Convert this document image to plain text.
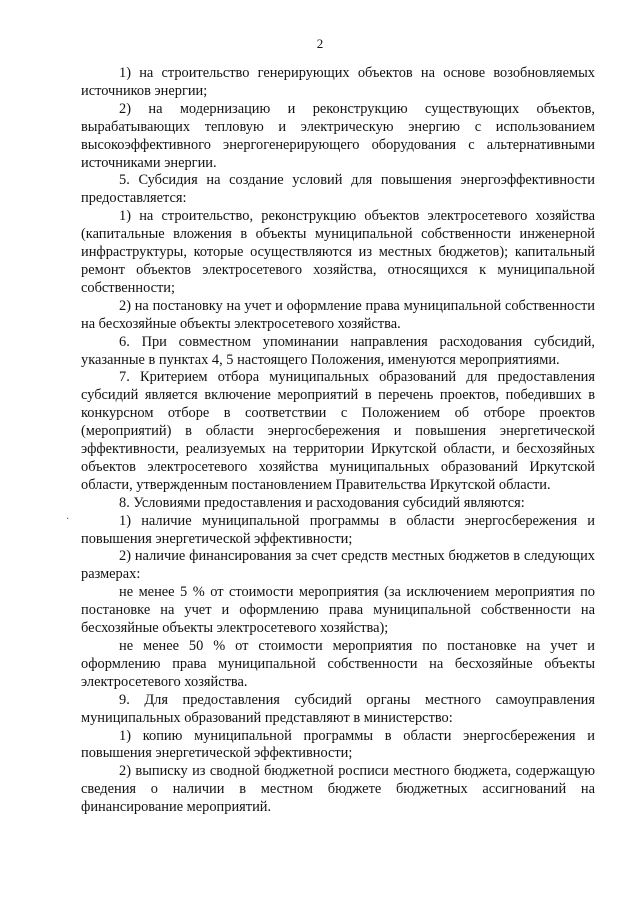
2
·

1) на строительство генерирующих объектов на основе возобновляемых источников энергии;

2) на модернизацию и реконструкцию существующих объектов, вырабатывающих тепловую и электрическую энергию с использованием высокоэффективного энергогенерирующего оборудования с альтернативными источниками энергии.

5. Субсидия на создание условий для повышения энергоэффективности предоставляется:

1) на строительство, реконструкцию объектов электросетевого хозяйства (капитальные вложения в объекты муниципальной собственности инженерной инфраструктуры, которые осуществляются из местных бюджетов); капитальный ремонт объектов электросетевого хозяйства, относящихся к муниципальной собственности;

2) на постановку на учет и оформление права муниципальной собственности на бесхозяйные объекты электросетевого хозяйства.

6. При совместном упоминании направления расходования субсидий, указанные в пунктах 4, 5 настоящего Положения, именуются мероприятиями.

7. Критерием отбора муниципальных образований для предоставления субсидий является включение мероприятий в перечень проектов, победивших в конкурсном отборе в соответствии с Положением об отборе проектов (мероприятий) в области энергосбережения и повышения энергетической эффективности, реализуемых на территории Иркутской области, и бесхозяйных объектов электросетевого хозяйства муниципальных образований Иркутской области, утвержденным постановлением Правительства Иркутской области.

8. Условиями предоставления и расходования субсидий являются:

1) наличие муниципальной программы в области энергосбережения и повышения энергетической эффективности;

2) наличие финансирования за счет средств местных бюджетов в следующих размерах:

не менее 5 % от стоимости мероприятия (за исключением мероприятия по постановке на учет и оформлению права муниципальной собственности на бесхозяйные объекты электросетевого хозяйства);

не менее 50 % от стоимости мероприятия по постановке на учет и оформлению права муниципальной собственности на бесхозяйные объекты электросетевого хозяйства.

9. Для предоставления субсидий органы местного самоуправления муниципальных образований представляют в министерство:

1) копию муниципальной программы в области энергосбережения и повышения энергетической эффективности;

2) выписку из сводной бюджетной росписи местного бюджета, содержащую сведения о наличии в местном бюджете бюджетных ассигнований на финансирование мероприятий.
